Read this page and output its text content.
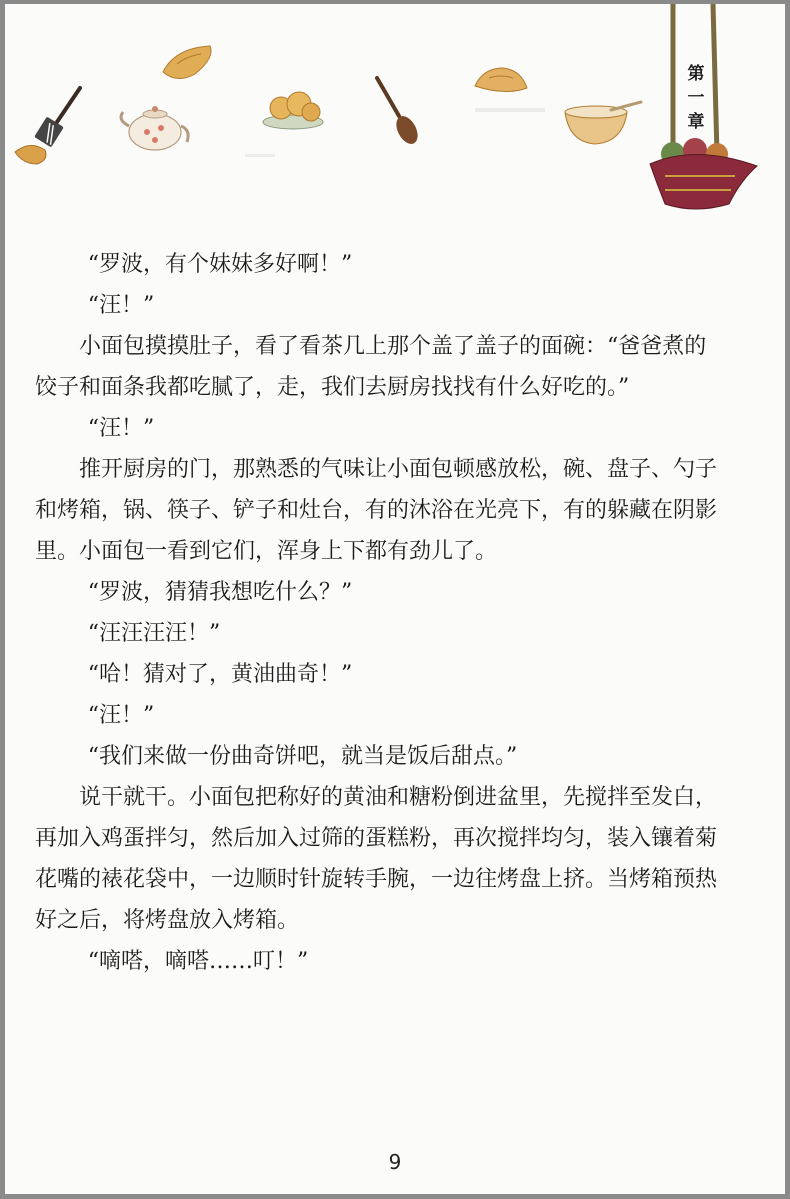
第
一
章

“罗波，有个妹妹多好啊！”

“汪！”

小面包摸摸肚子，看了看茶几上那个盖了盖子的面碗：“爸爸煮的饺子和面条我都吃腻了，走，我们去厨房找找有什么好吃的。”

“汪！”

推开厨房的门，那熟悉的气味让小面包顿感放松，碗、盘子、勺子和烤箱，锅、筷子、铲子和灶台，有的沐浴在光亮下，有的躲藏在阴影里。小面包一看到它们，浑身上下都有劲儿了。

“罗波，猜猜我想吃什么？”

“汪汪汪汪！”

“哈！猜对了，黄油曲奇！”

“汪！”

“我们来做一份曲奇饼吧，就当是饭后甜点。”

说干就干。小面包把称好的黄油和糖粉倒进盆里，先搅拌至发白，再加入鸡蛋拌匀，然后加入过筛的蛋糕粉，再次搅拌均匀，装入镶着菊花嘴的裱花袋中，一边顺时针旋转手腕，一边往烤盘上挤。当烤箱预热好之后，将烤盘放入烤箱。

“嘀嗒，嘀嗒……叮！”

9
